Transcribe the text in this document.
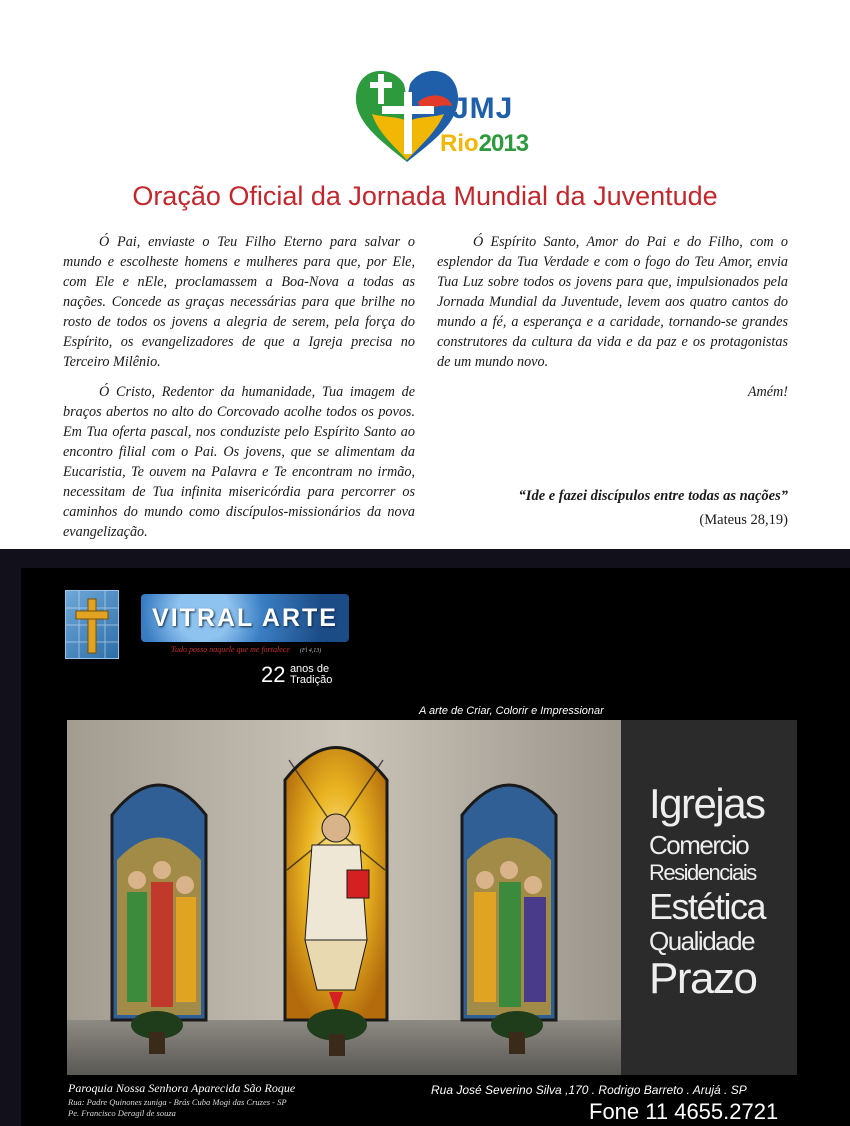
JMJ
Rio2013
Oração Oficial da Jornada Mundial da Juventude

Ó Pai, enviaste o Teu Filho Eterno para salvar o mundo e escolheste homens e mulheres para que, por Ele, com Ele e nEle, proclamassem a Boa-Nova a todas as nações. Concede as graças necessárias para que brilhe no rosto de todos os jovens a alegria de serem, pela força do Espírito, os evangelizadores de que a Igreja precisa no Terceiro Milênio.

Ó Cristo, Redentor da humanidade, Tua imagem de braços abertos no alto do Corcovado acolhe todos os povos. Em Tua oferta pascal, nos conduziste pelo Espírito Santo ao encontro filial com o Pai. Os jovens, que se alimentam da Eucaristia, Te ouvem na Palavra e Te encontram no irmão, necessitam de Tua infinita misericórdia para percorrer os caminhos do mundo como discípulos-missionários da nova evangelização.

Ó Espírito Santo, Amor do Pai e do Filho, com o esplendor da Tua Verdade e com o fogo do Teu Amor, envia Tua Luz sobre todos os jovens para que, impulsionados pela Jornada Mundial da Juventude, levem aos quatro cantos do mundo a fé, a esperança e a caridade, tornando-se grandes construtores da cultura da vida e da paz e os protagonistas de um mundo novo.

Amém!

“Ide e fazei discípulos entre todas as nações”
(Mateus 28,19)
VITRAL ARTE
Tudo posso naquele que me fortalece (Fl 4,13)
22 anos de
Tradição
A arte de Criar, Colorir e Impressionar
Igrejas
Comercio
Residenciais
Estética
Qualidade
Prazo
Paroquia Nossa Senhora Aparecida São Roque
Rua: Padre Quinones zuniga - Brás Cuba Mogi das Cruzes - SP
Pe. Francisco Deragil de souza
Rua José Severino Silva ,170 . Rodrigo Barreto . Arujá . SP
Fone 11 4655.2721
